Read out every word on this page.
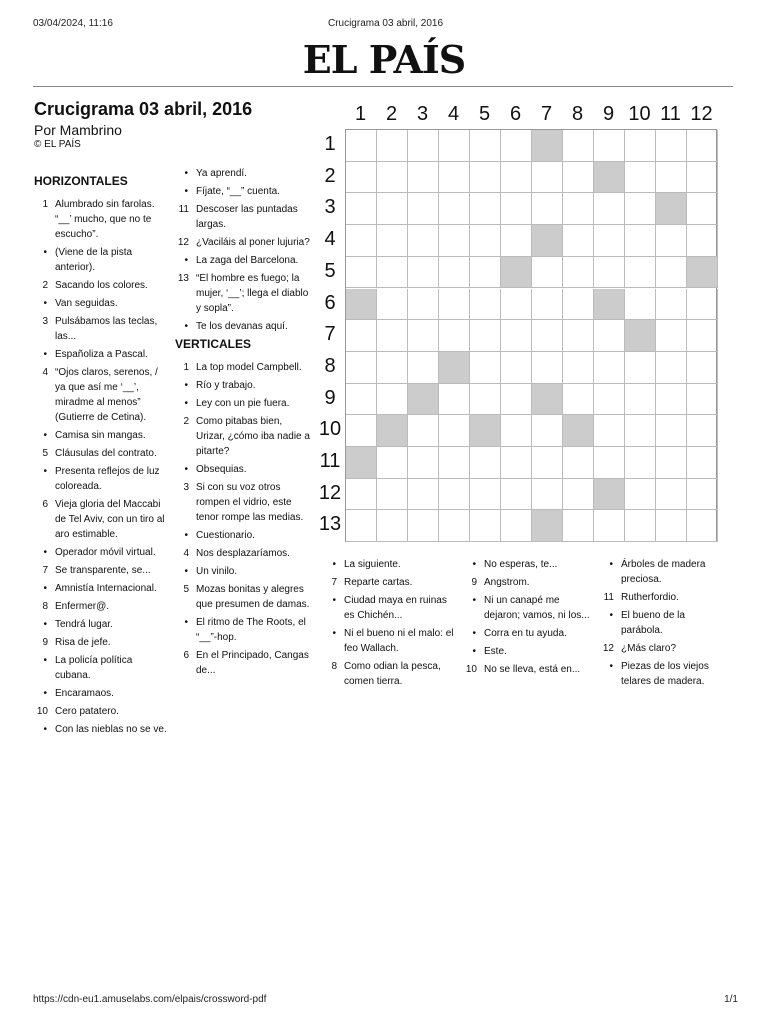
03/04/2024, 11:16	Crucigrama 03 abril, 2016
EL PAÍS
Crucigrama 03 abril, 2016
Por Mambrino
© EL PAÍS
HORIZONTALES
1 Alumbrado sin farolas. “__’ mucho, que no te escucho”.
• (Viene de la pista anterior).
2 Sacando los colores.
• Van seguidas.
3 Pulsábamos las teclas, las...
• Españoliza a Pascal.
4 “Ojos claros, serenos, / ya que así me ‘__’, miradme al menos” (Gutierre de Cetina).
• Camisa sin mangas.
5 Cláusulas del contrato.
• Presenta reflejos de luz coloreada.
6 Vieja gloria del Maccabi de Tel Aviv, con un tiro al aro estimable.
• Operador móvil virtual.
7 Se transparente, se...
• Amnistía Internacional.
8 Enfermer@.
• Tendrá lugar.
9 Risa de jefe.
• La policía política cubana.
• Encaramaos.
10 Cero patatero.
• Con las nieblas no se ve.
• Ya aprendí.
• Fíjate, “__” cuenta.
11 Descoser las puntadas largas.
12 ¿Vaciláis al poner lujuria?
• La zaga del Barcelona.
13 “El hombre es fuego; la mujer, ‘__’; llega el diablo y sopla”.
• Te los devanas aquí.
VERTICALES
1 La top model Campbell.
• Río y trabajo.
• Ley con un pie fuera.
2 Como pitabas bien, Urizar, ¿cómo iba nadie a pitarte?
• Obsequias.
3 Si con su voz otros rompen el vidrio, este tenor rompe las medias.
• Cuestionario.
4 Nos desplazaríamos.
• Un vinilo.
5 Mozas bonitas y alegres que presumen de damas.
• El ritmo de The Roots, el “__”-hop.
6 En el Principado, Cangas de...
• La siguiente.
7 Reparte cartas.
• Ciudad maya en ruinas es Chichén...
• Ni el bueno ni el malo: el feo Wallach.
8 Como odian la pesca, comen tierra.
• No esperas, te...
9 Angstrom.
• Ni un canapé me dejaron; vamos, ni los...
• Corra en tu ayuda.
• Este.
10 No se lleva, está en...
• Árboles de madera preciosa.
11 Rutherfordio.
• El bueno de la parábola.
12 ¿Más claro?
• Piezas de los viejos telares de madera.
1 2 3 4 5 6 7 8 9 10 11 12
1
2
3
4
5
6
7
8
9
10
11
12
13
https://cdn-eu1.amuselabs.com/elpais/crossword-pdf	1/1
